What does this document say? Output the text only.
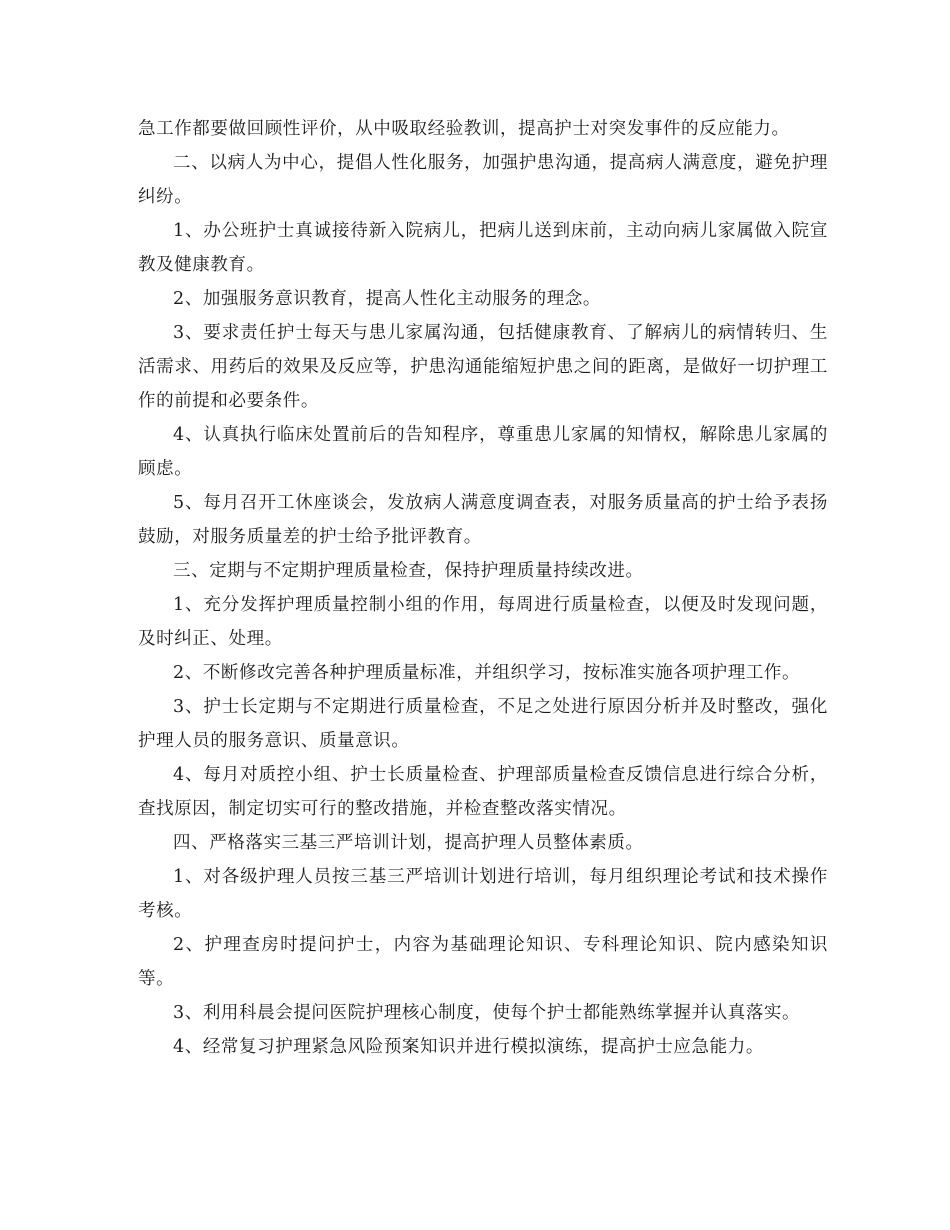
急工作都要做回顾性评价，从中吸取经验教训，提高护士对突发事件的反应能力。

二、以病人为中心，提倡人性化服务，加强护患沟通，提高病人满意度，避免护理纠纷。

1、办公班护士真诚接待新入院病儿，把病儿送到床前，主动向病儿家属做入院宣教及健康教育。

2、加强服务意识教育，提高人性化主动服务的理念。

3、要求责任护士每天与患儿家属沟通，包括健康教育、了解病儿的病情转归、生活需求、用药后的效果及反应等，护患沟通能缩短护患之间的距离，是做好一切护理工作的前提和必要条件。

4、认真执行临床处置前后的告知程序，尊重患儿家属的知情权，解除患儿家属的顾虑。

5、每月召开工休座谈会，发放病人满意度调查表，对服务质量高的护士给予表扬鼓励，对服务质量差的护士给予批评教育。

三、定期与不定期护理质量检查，保持护理质量持续改进。

1、充分发挥护理质量控制小组的作用，每周进行质量检查，以便及时发现问题，及时纠正、处理。

2、不断修改完善各种护理质量标准，并组织学习，按标准实施各项护理工作。

3、护士长定期与不定期进行质量检查，不足之处进行原因分析并及时整改，强化护理人员的服务意识、质量意识。

4、每月对质控小组、护士长质量检查、护理部质量检查反馈信息进行综合分析，查找原因，制定切实可行的整改措施，并检查整改落实情况。

四、严格落实三基三严培训计划，提高护理人员整体素质。

1、对各级护理人员按三基三严培训计划进行培训，每月组织理论考试和技术操作考核。

2、护理查房时提问护士，内容为基础理论知识、专科理论知识、院内感染知识等。

3、利用科晨会提问医院护理核心制度，使每个护士都能熟练掌握并认真落实。

4、经常复习护理紧急风险预案知识并进行模拟演练，提高护士应急能力。
